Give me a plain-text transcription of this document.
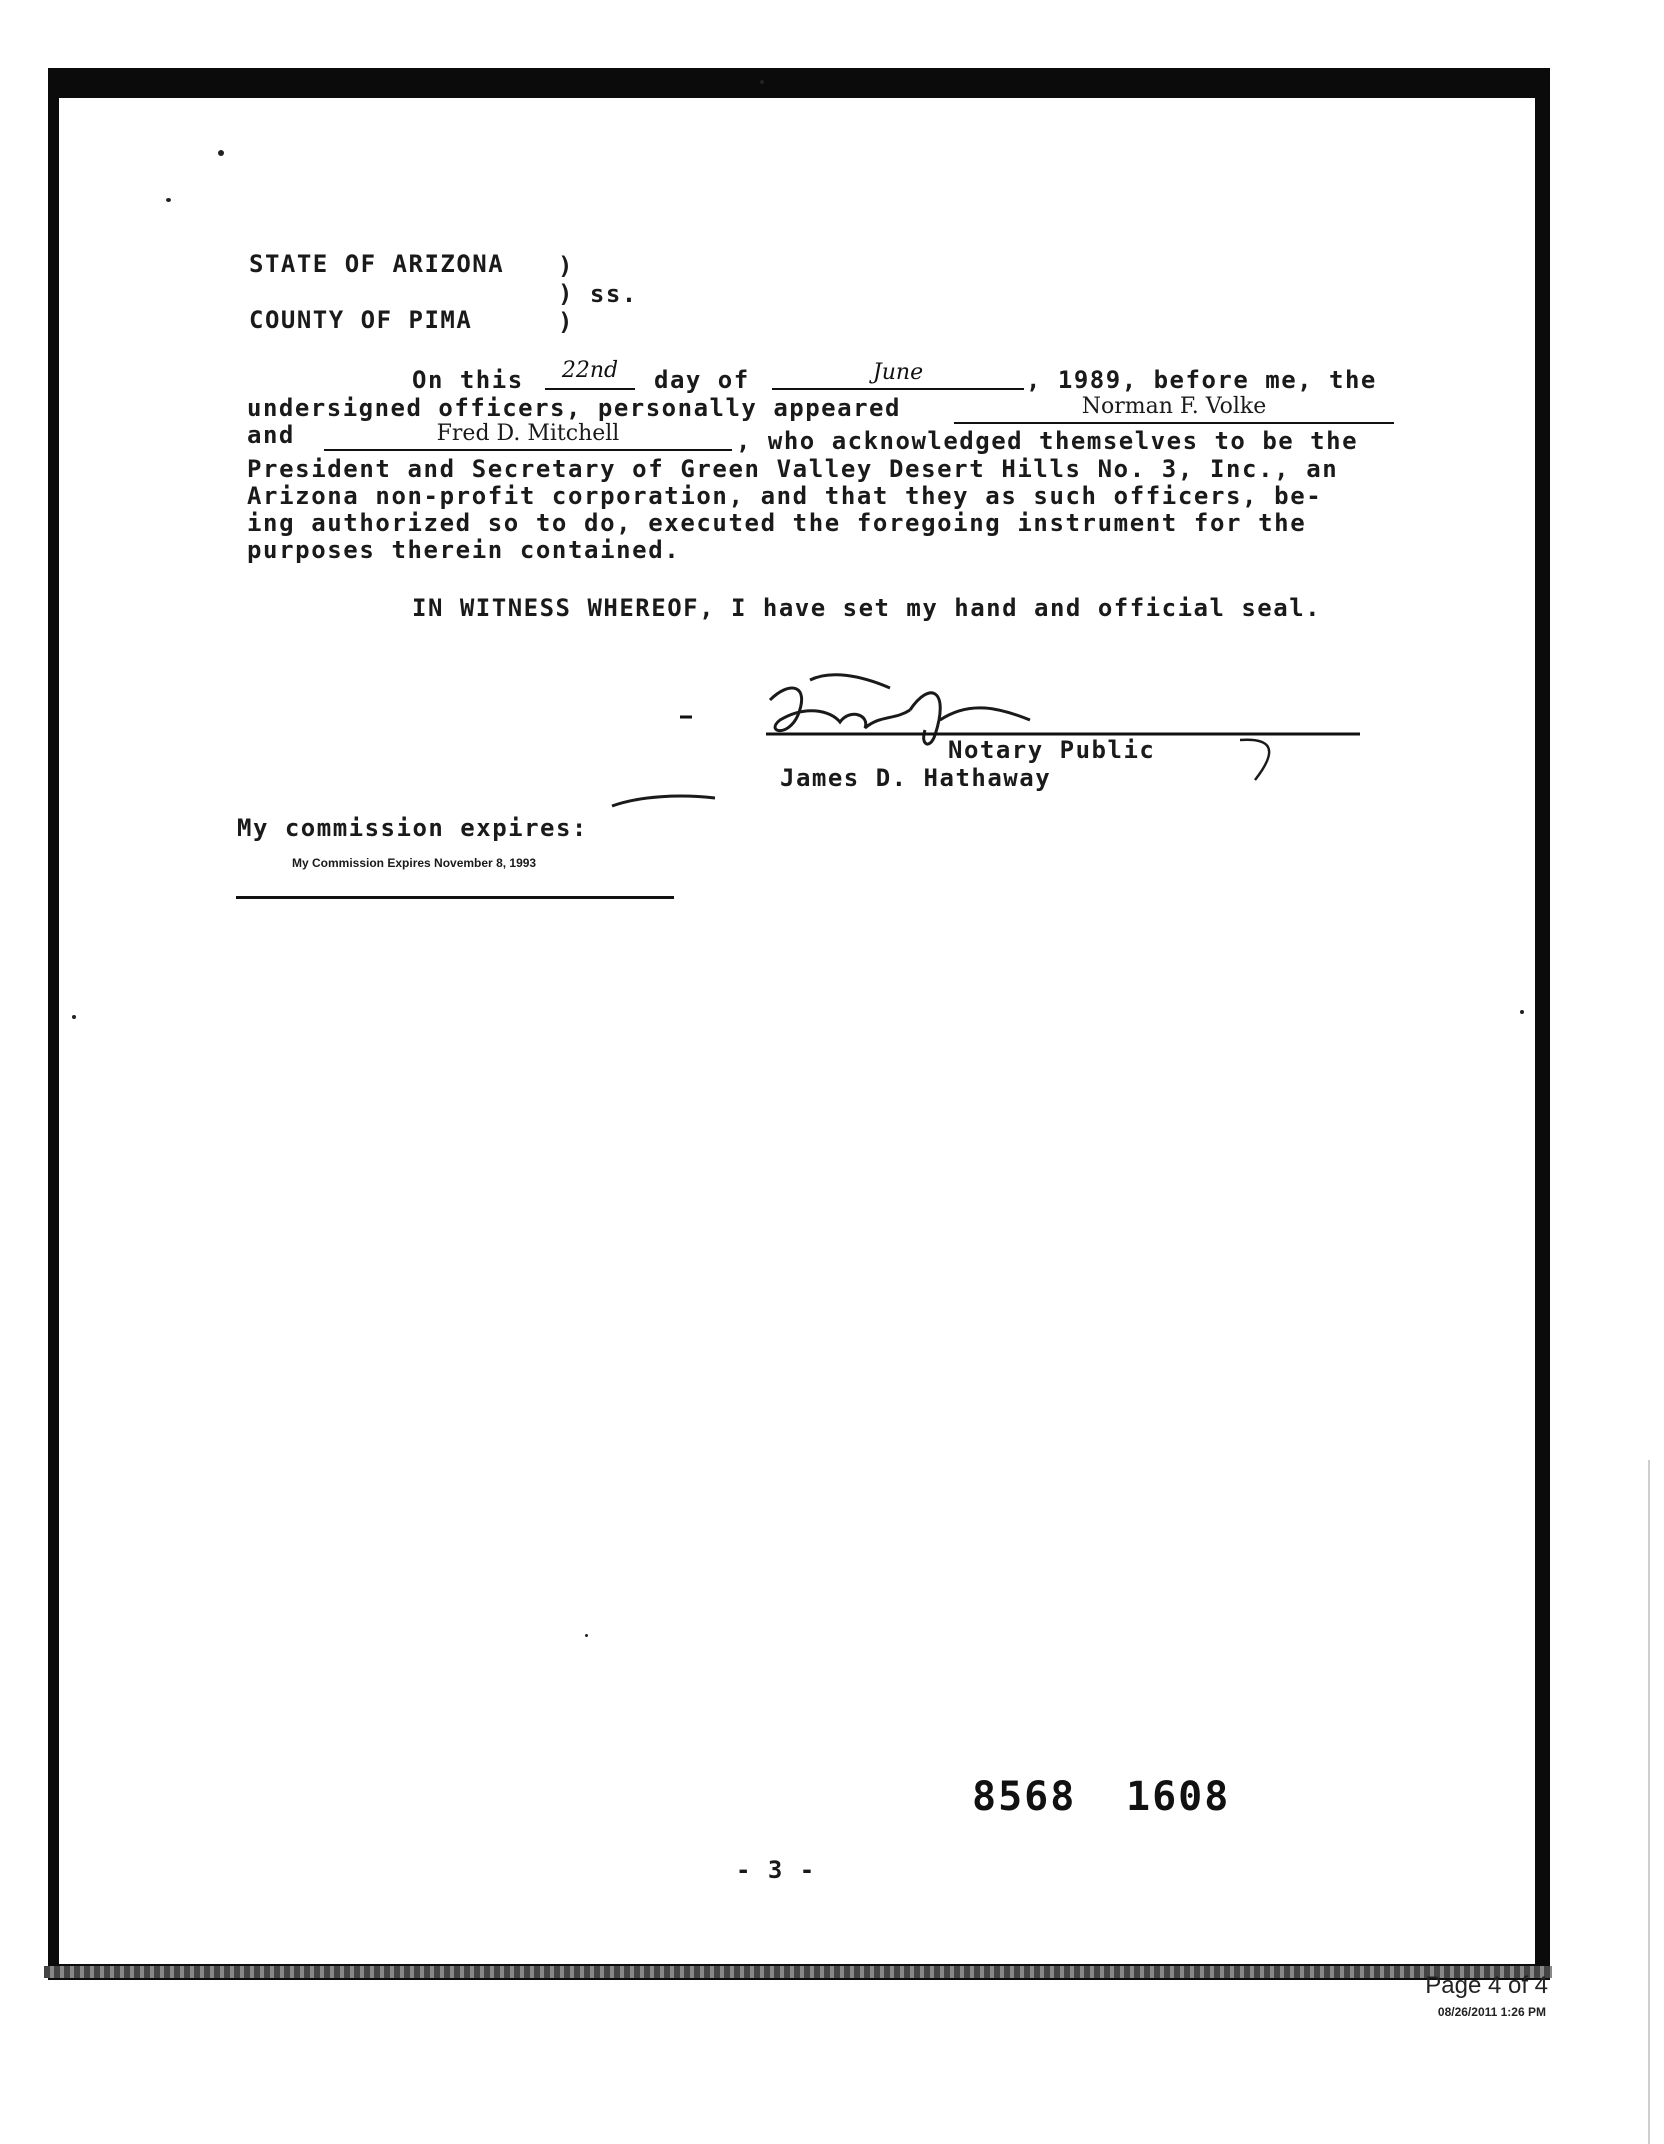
STATE OF ARIZONA )
) ss.
COUNTY OF PIMA	)
On this	22nd	day of	June	, 1989, before me, the
undersigned officers, personally appeared	Norman F. Volke
and	Fred D. Mitchell	, who acknowledged themselves to be the
President and Secretary of Green Valley Desert Hills No. 3, Inc., an
Arizona non-profit corporation, and that they as such officers, be-
ing authorized so to do, executed the foregoing instrument for the
purposes therein contained.
IN WITNESS WHEREOF, I have set my hand and official seal.
Notary Public
James D. Hathaway
My commission expires:
My Commission Expires November 8, 1993
8568 1608
- 3 -
Page 4 of 4
08/26/2011 1:26 PM
